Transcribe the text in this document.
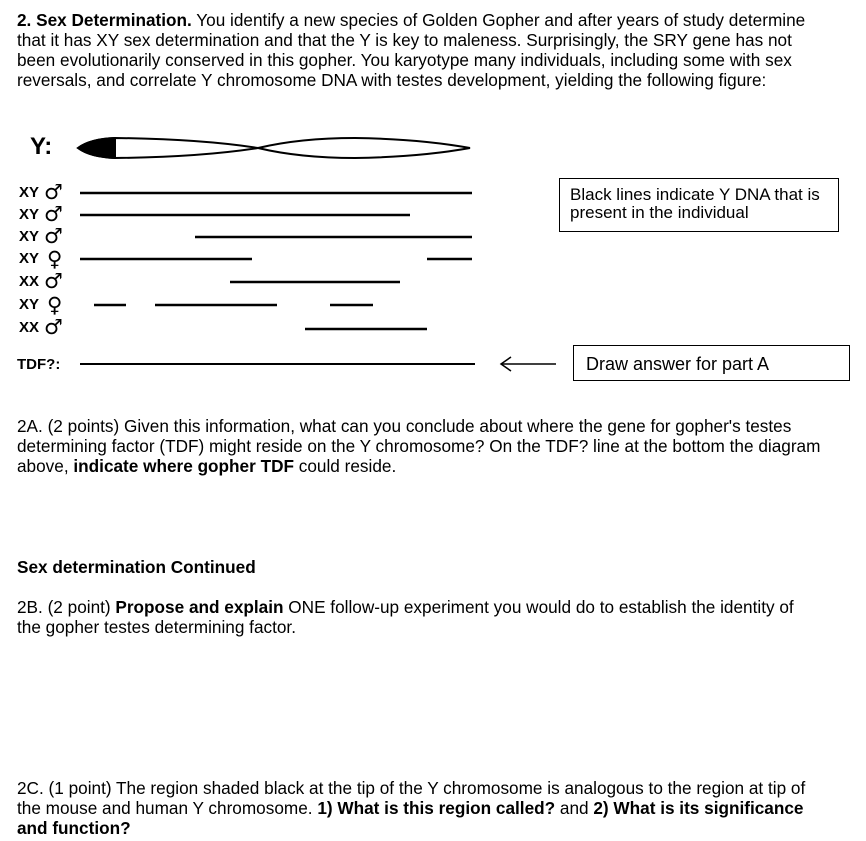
2. Sex Determination. You identify a new species of Golden Gopher and after years of study determine that it has XY sex determination and that the Y is key to maleness. Surprisingly, the SRY gene has not been evolutionarily conserved in this gopher. You karyotype many individuals, including some with sex reversals, and correlate Y chromosome DNA with testes development, yielding the following figure:

Y:
XY
XY
XY
XY
XX
XY
XX
♂
♂
♂
♀
♂
♀
♂
TDF?:
Black lines indicate Y DNA that is present in the individual
Draw answer for part A

2A. (2 points) Given this information, what can you conclude about where the gene for gopher's testes determining factor (TDF) might reside on the Y chromosome? On the TDF? line at the bottom the diagram above, indicate where gopher TDF could reside.

Sex determination Continued

2B. (2 point) Propose and explain ONE follow-up experiment you would do to establish the identity of the gopher testes determining factor.

2C. (1 point) The region shaded black at the tip of the Y chromosome is analogous to the region at tip of the mouse and human Y chromosome. 1) What is this region called? and 2) What is its significance and function?
